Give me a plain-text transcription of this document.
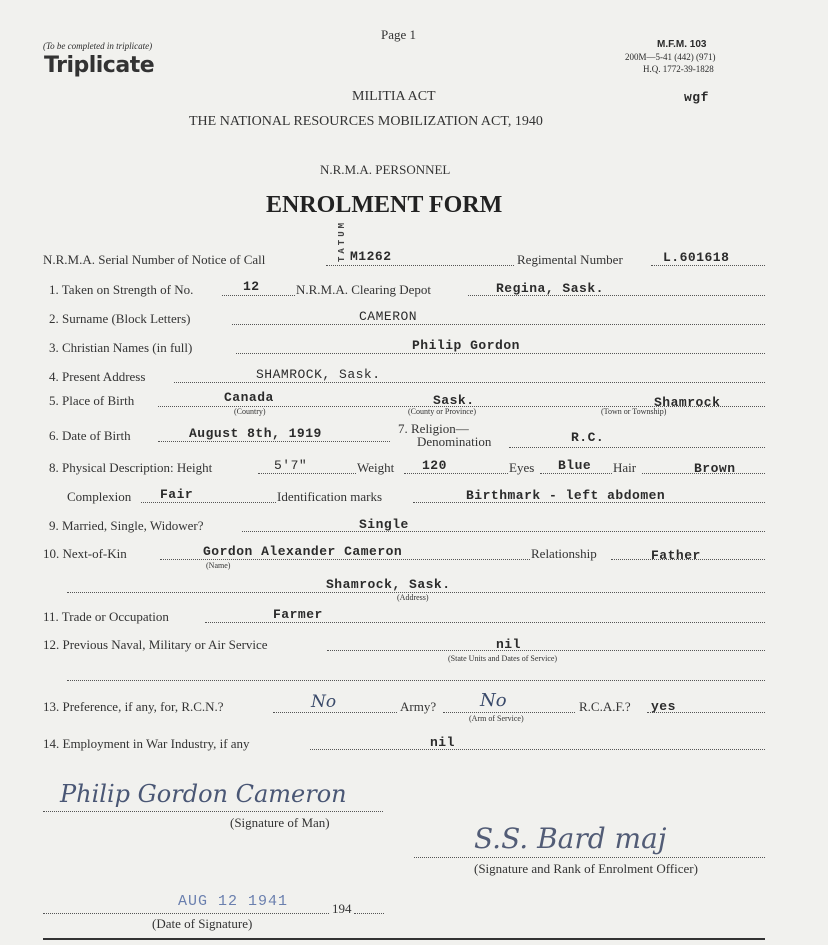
Page 1
(To be completed in triplicate)
Triplicate
M.F.M. 103
200M—5-41 (442) (971)
H.Q. 1772-39-1828
wgf
MILITIA ACT
THE NATIONAL RESOURCES MOBILIZATION ACT, 1940
N.R.M.A. PERSONNEL
ENROLMENT FORM
TATUM
N.R.M.A. Serial Number of Notice of Call	M1262	Regimental Number	L.601618
1. Taken on Strength of No.	12	N.R.M.A. Clearing Depot	Regina, Sask.
2. Surname (Block Letters)	CAMERON
3. Christian Names (in full)	Philip Gordon
4. Present Address	SHAMROCK, Sask.
5. Place of Birth	Canada	Sask.	Shamrock
(Country)	(County or Province)	(Town or Township)
6. Date of Birth	August 8th, 1919	7. Religion—
Denomination	R.C.
8. Physical Description: Height	5'7"	Weight 120	Eyes Blue Hair	Brown
Complexion Fair	Identification marks	Birthmark - left abdomen
9. Married, Single, Widower?	Single
10. Next-of-Kin	Gordon Alexander Cameron
(Name)
Relationship	Father
Shamrock, Sask.
(Address)
11. Trade or Occupation	Farmer
12. Previous Naval, Military or Air Service	nil
(State Units and Dates of Service)
13. Preference, if any, for, R.C.N.?	No	Army? No
(Arm of Service)
R.C.A.F.? yes
14. Employment in War Industry, if any	nil
Philip Gordon Cameron
(Signature of Man)	S.S. Bard maj
(Signature and Rank of Enrolment Officer)
AUG 12 1941	194
(Date of Signature)
